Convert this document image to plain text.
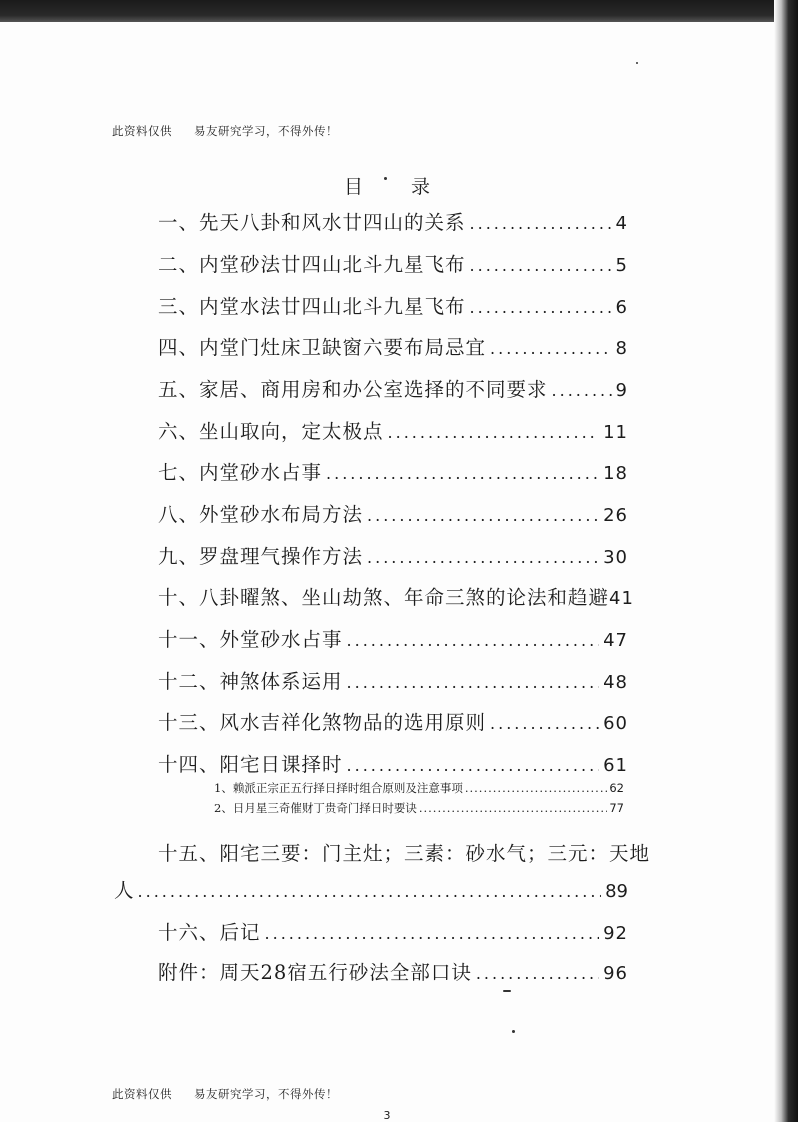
此资料仅供 易友研究学习，不得外传！
目	录
一、先天八卦和风水廿四山的关系 .....	4
二、内堂砂法廿四山北斗九星飞布 .....	5
三、内堂水法廿四山北斗九星飞布 .....	6
四、内堂门灶床卫缺窗六要布局忌宜 .....	8
五、家居、商用房和办公室选择的不同要求 .....	9
六、坐山取向，定太极点 .....	11
七、内堂砂水占事 .....	18
八、外堂砂水布局方法 .....	26
九、罗盘理气操作方法 .....	30
十、八卦曜煞、坐山劫煞、年命三煞的论法和趋避 41
十一、外堂砂水占事 .....	47
十二、神煞体系运用 .....	48
十三、风水吉祥化煞物品的选用原则 .....	60
十四、阳宅日课择时 .....	61
1、赖派正宗正五行择日择时组合原则及注意事项 .....	62
2、日月星三奇催财丁贵奇门择日时要诀 .....	77
十五、阳宅三要：门主灶；三素：砂水气；三元：天地
人 .....	89
十六、后记 .....	92
附件：周天28宿五行砂法全部口诀 .....	96
此资料仅供 易友研究学习，不得外传！
3
